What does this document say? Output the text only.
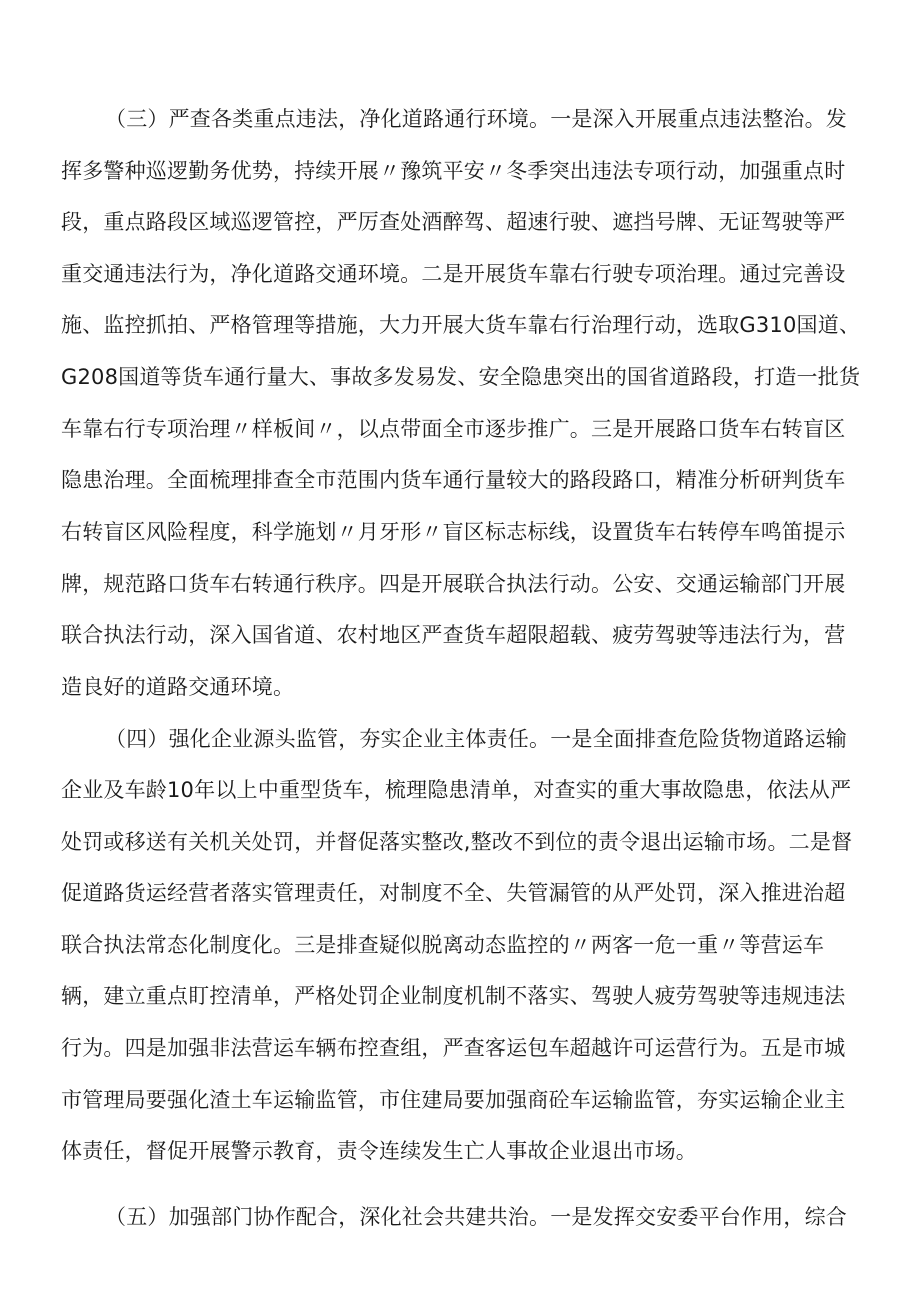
（三）严查各类重点违法，净化道路通行环境。一是深入开展重点违法整治。发
挥多警种巡逻勤务优势，持续开展〃豫筑平安〃冬季突出违法专项行动，加强重点时
段，重点路段区域巡逻管控，严厉查处酒醉驾、超速行驶、遮挡号牌、无证驾驶等严
重交通违法行为，净化道路交通环境。二是开展货车靠右行驶专项治理。通过完善设
施、监控抓拍、严格管理等措施，大力开展大货车靠右行治理行动，选取G310国道、
G208国道等货车通行量大、事故多发易发、安全隐患突出的国省道路段，打造一批货
车靠右行专项治理〃样板间〃，以点带面全市逐步推广。三是开展路口货车右转盲区
隐患治理。全面梳理排查全市范围内货车通行量较大的路段路口，精准分析研判货车
右转盲区风险程度，科学施划〃月牙形〃盲区标志标线，设置货车右转停车鸣笛提示
牌，规范路口货车右转通行秩序。四是开展联合执法行动。公安、交通运输部门开展
联合执法行动，深入国省道、农村地区严查货车超限超载、疲劳驾驶等违法行为，营
造良好的道路交通环境。
（四）强化企业源头监管，夯实企业主体责任。一是全面排查危险货物道路运输
企业及车龄10年以上中重型货车，梳理隐患清单，对查实的重大事故隐患，依法从严
处罚或移送有关机关处罚，并督促落实整改,整改不到位的责令退出运输市场。二是督
促道路货运经营者落实管理责任，对制度不全、失管漏管的从严处罚，深入推进治超
联合执法常态化制度化。三是排查疑似脱离动态监控的〃两客一危一重〃等营运车
辆，建立重点盯控清单，严格处罚企业制度机制不落实、驾驶人疲劳驾驶等违规违法
行为。四是加强非法营运车辆布控查组，严查客运包车超越许可运营行为。五是市城
市管理局要强化渣土车运输监管，市住建局要加强商砼车运输监管，夯实运输企业主
体责任，督促开展警示教育，责令连续发生亡人事故企业退出市场。
（五）加强部门协作配合，深化社会共建共治。一是发挥交安委平台作用，综合
